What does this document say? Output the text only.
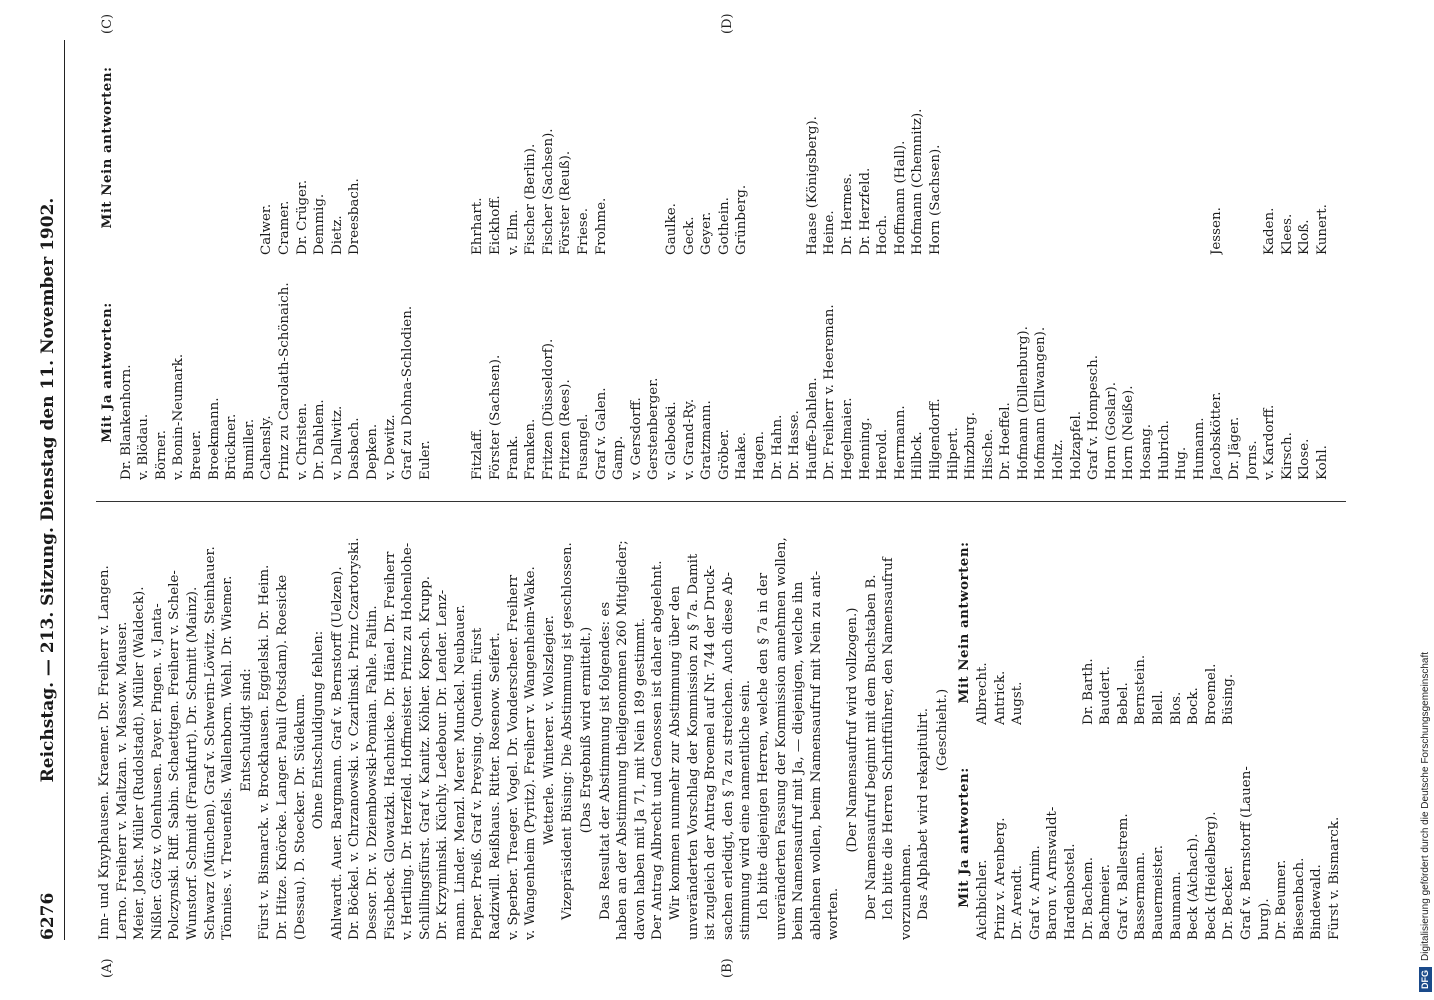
6276
Reichstag. — 213. Sitzung. Dienstag den 11. November 1902.
(A)	(B)
(C)	(D)
Inn- und Knyphausen. Kraemer. Dr. Freiherr v. Langen. Lerno. Freiherr v. Maltzan. v. Massow. Mauser. Meier. Jobst. Müller (Rudolstadt). Müller (Waldeck). Nißler. Götz v. Olenhusen. Payer. Pingen. v. Janta- Polczynski. Riff. Sabin. Schaettgen. Freiherr v. Schele- Wunstorf. Schmidt (Frankfurt). Dr. Schmitt (Mainz). Schwarz (München). Graf v. Schwerin-Löwitz. Steinhauer. Tönnies. v. Treuenfels. Wallenborn. Wehl. Dr. Wiemer. Entschuldigt sind: Fürst v. Bismarck. v. Brockhausen. Eggielski. Dr. Heim. Dr. Hitze. Knörcke. Langer. Pauli (Potsdam). Roesicke (Dessau). D. Stoecker. Dr. Südekum. Ohne Entschuldigung fehlen: Ahlwardt. Auer. Bargmann. Graf v. Bernstorff (Uelzen). Dr. Böckel. v. Chrzanowski. v. Czarlinski. Prinz Czartoryski. Dessor. Dr. v. Dziembowski-Pomian. Fahle. Faltin. Fischbeck. Glowatzki. Hachnicke. Dr. Hänel. Dr. Freiherr v. Hertling. Dr. Herzfeld. Hoffmeister. Prinz zu Hohenlohe- Schillingsfürst. Graf v. Kanitz. Köhler. Kopsch. Krupp. Dr. Krzyminski. Küchly. Ledebour. Dr. Lender. Lenz- mann. Linder. Menzl. Merer. Munckel. Neubauer. Pieper. Preiß. Graf v. Preysing. Quentin. Fürst Radziwill. Reißhaus. Ritter. Rosenow. Seifert. v. Sperber. Traeger. Vogel. Dr. Vonderscheer. Freiherr v. Wangenheim (Pyritz). Freiherr v. Wangenheim-Wake. Wetterle. Winterer. v. Wolszlegier. Vizepräsident Büsing: Die Abstimmung ist geschlossen. (Das Ergebniß wird ermittelt.) Das Resultat der Abstimmung ist folgendes: es haben an der Abstimmung theilgenommen 260 Mitglieder; davon haben mit Ja 71, mit Nein 189 gestimmt. Der Antrag Albrecht und Genossen ist daher abgelehnt. Wir kommen nunmehr zur Abstimmung über den unveränderten Vorschlag der Kommission zu § 7a. Damit ist zugleich der Antrag Broemel auf Nr. 744 der Druck- sachen erledigt, den § 7a zu streichen. Auch diese Ab- stimmung wird eine namentliche sein. Ich bitte diejenigen Herren, welche den § 7a in der unveränderten Fassung der Kommission annehmen wollen, beim Namensaufruf mit Ja, — diejenigen, welche ihn ablehnen wollen, beim Namensaufruf mit Nein zu ant- worten.
(Der Namensaufruf wird vollzogen.) Der Namensaufruf beginnt mit dem Buchstaben B. Ich bitte die Herren Schriftführer, den Namensaufruf vorzunehmen. Das Alphabet wird rekapitulirt. (Geschieht.)
Mit Ja antworten: Aichbichler. Prinz v. Arenberg. Dr. Arendt. Graf v. Arnim. Baron v. Arnswaldt- Hardenbostel. Dr. Bachem. Bachmeier. Graf v. Ballestrem. Bassermann. Bauermeister. Baumann. Beck (Aichach). Beck (Heidelberg). Dr. Becker. Graf v. Bernstorff (Lauen- burg). Dr. Beumer. Biesenbach. Bindewald. Fürst v. Bismarck.
Mit Nein antworten: Albrecht. Antrick. Augst.	Dr. Barth. Baudert. Bebel. Bernstein. Blell. Blos. Bock. Broemel. Büsing.
Mit Ja antworten: Dr. Blankenhorn. v. Blödau. Börner. v. Bonin-Neumark. Breuer. Broekmann. Brückner. Bumiller. Cahensly. Prinz zu Carolath-Schönaich. v. Christen. Dr. Dahlem. v. Dallwitz. Dasbach. Depken. v. Dewitz. Graf zu Dohna-Schlodien. Euler.	Fitzlaff. Förster (Sachsen). Frank. Franken. Fritzen (Düsseldorf). Fritzen (Rees). Fusangel. Graf v. Galen. Gamp. v. Gersdorff. Gerstenberger. v. Gleboeki. v. Grand-Ry. Gratzmann. Gröber. Haake. Hagen. Dr. Hahn. Dr. Hasse. Hauffe-Dahlen. Dr. Freiherr v. Heereman. Hegelmaier. Henning. Herold. Herrmann. Hilbck. Hilgendorff. Hilpert. Hinzburg. Hische. Dr. Hoeffel. Hofmann (Dillenburg). Hofmann (Ellwangen). Holtz. Holzapfel. Graf v. Hompesch. Horn (Goslar). Horn (Neiße). Hosang. Hubrich. Hug. Humann. Jacobskötter. Dr. Jäger. Jorns. v. Kardorff. Kirsch. Klose. Kohl.
Mit Nein antworten:
Calwer. Cramer. Dr. Crüger. Demmig. Dietz. Dreesbach.	Ehrhart. Eickhoff. v. Elm. Fischer (Berlin). Fischer (Sachsen). Förster (Reuß). Friese. Frohme.	Gaulke. Geck. Geyer. Gothein. Grünberg.	Haase (Königsberg). Heine. Dr. Hermes. Dr. Herzfeld. Hoch. Hoffmann (Hall). Hofmann (Chemnitz). Horn (Sachsen).	Jessen.	Kaden. Klees. Kloß. Kunert.
DFGDigitalisierung gefördert durch die Deutsche Forschungsgemeinschaft
